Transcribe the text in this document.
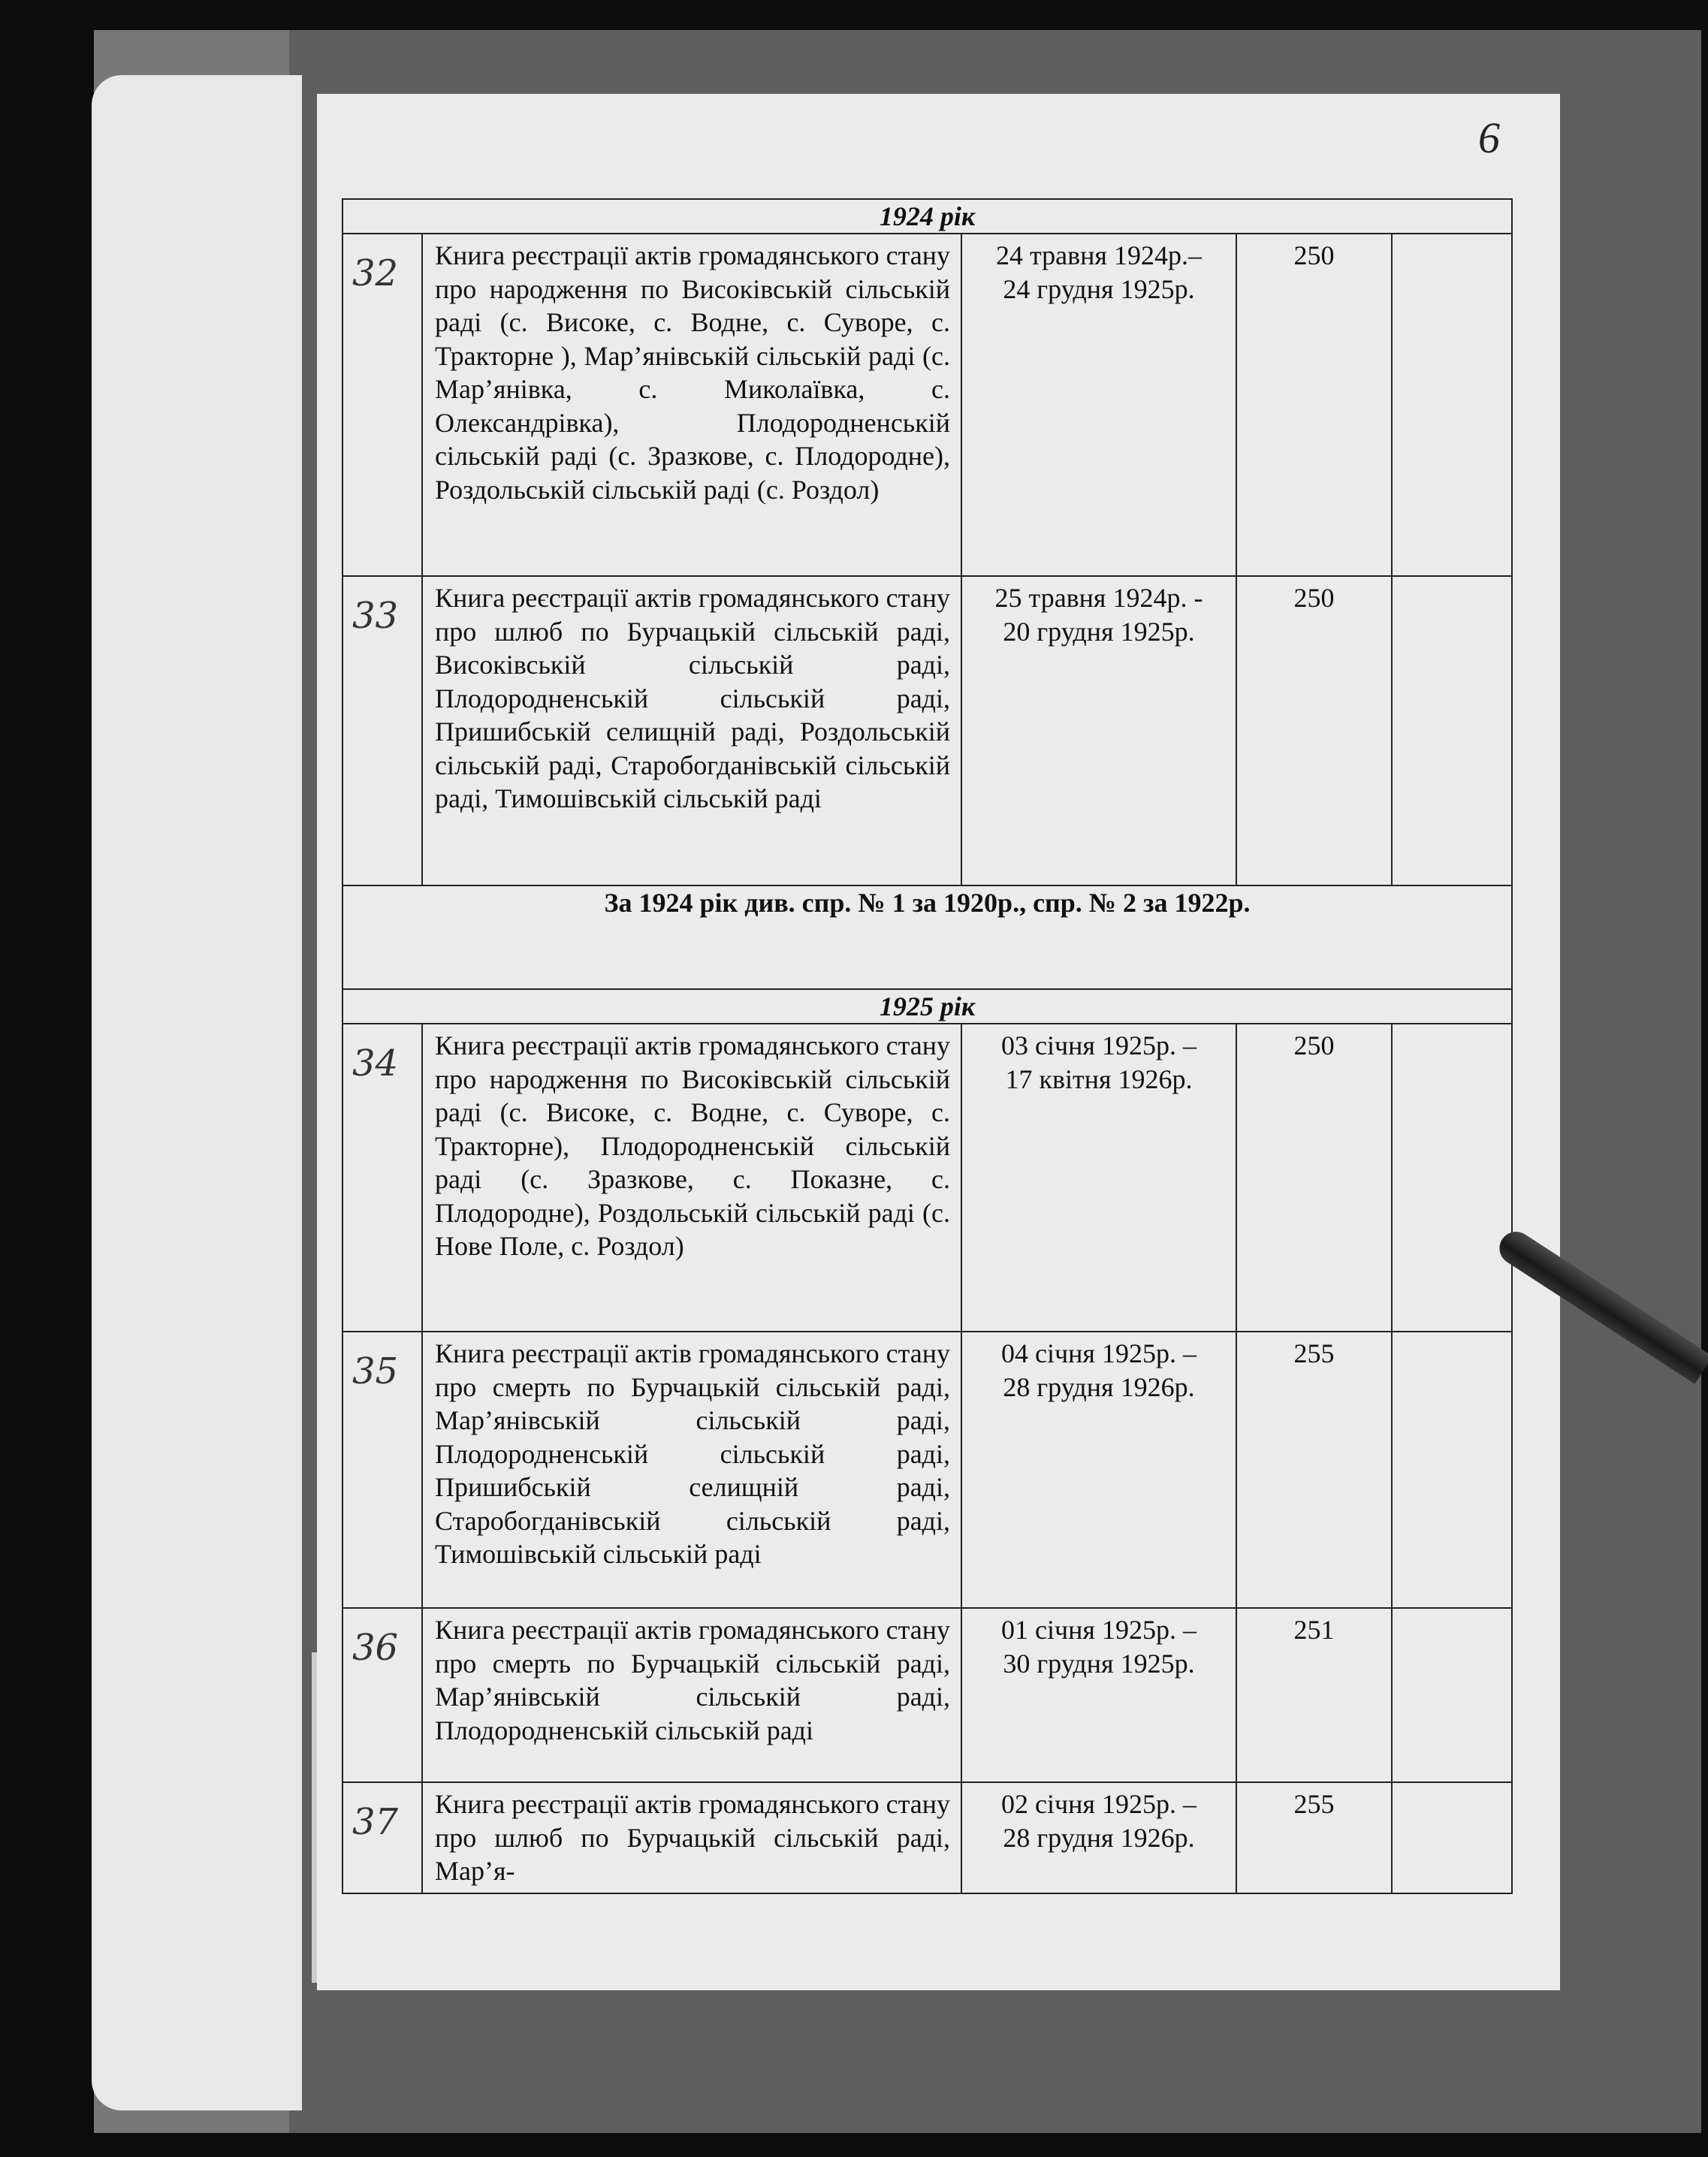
6
1924 рік				

32	Книга реєстрації актів громадянського стану про народження по Високівській сільській раді (с. Високе, с. Водне, с. Суворе, с. Тракторне ), Мар’янівській сільській раді (с. Мар’янівка, с. Миколаївка, с. Олександрівка), Плодородненській сільській раді (с. Зразкове, с. Плодородне), Роздольській сільській раді (с. Роздол)	24 травня 1924р.–
24 грудня 1925р.	250	

33	Книга реєстрації актів громадянського стану про шлюб по Бурчацькій сільській раді, Високівській сільській раді, Плодородненській сільській раді, Пришибській селищній раді, Роздольській сільській раді, Старобогданівській сільській раді, Тимошівській сільській раді	25 травня 1924р. -
20 грудня 1925р.	250	
За 1924 рік див. спр. № 1 за 1920р., спр. № 2 за 1922р.				
1925 рік				

34	Книга реєстрації актів громадянського стану про народження по Високівській сільській раді (с. Високе, с. Водне, с. Суворе, с. Тракторне), Плодородненській сільській раді (с. Зразкове, с. Показне, с. Плодородне), Роздольській сільській раді (с. Нове Поле, с. Роздол)	03 січня 1925р. –
17 квітня 1926р.	250	

35	Книга реєстрації актів громадянського стану про смерть по Бурчацькій сільській раді, Мар’янівській сільській раді, Плодородненській сільській раді, Пришибській селищній раді, Старобогданівській сільській раді, Тимошівській сільській раді	04 січня 1925р. –
28 грудня 1926р.	255	

36	Книга реєстрації актів громадянського стану про смерть по Бурчацькій сільській раді, Мар’янівській сільській раді, Плодородненській сільській раді	01 січня 1925р. –
30 грудня 1925р.	251	

37	Книга реєстрації актів громадянського стану про шлюб по Бурчацькій сільській раді, Мар’я-	02 січня 1925р. –
28 грудня 1926р.	255	
